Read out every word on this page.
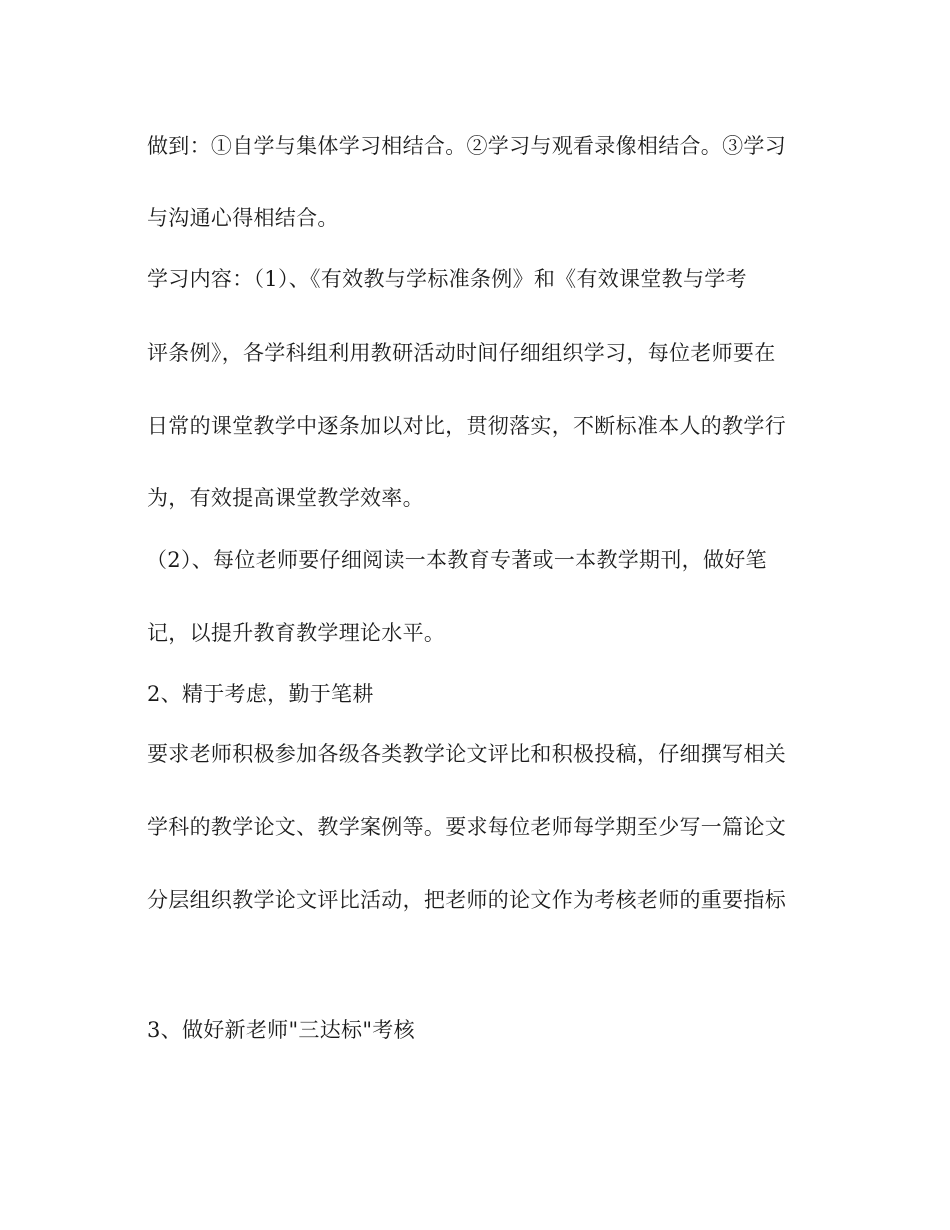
做到：①自学与集体学习相结合。②学习与观看录像相结合。③学习
与沟通心得相结合。
学习内容：（1）、《有效教与学标准条例》和《有效课堂教与学考
评条例》，各学科组利用教研活动时间仔细组织学习，每位老师要在
日常的课堂教学中逐条加以对比，贯彻落实，不断标准本人的教学行
为，有效提高课堂教学效率。
（2）、每位老师要仔细阅读一本教育专著或一本教学期刊，做好笔
记，以提升教育教学理论水平。
2、精于考虑，勤于笔耕
要求老师积极参加各级各类教学论文评比和积极投稿，仔细撰写相关
学科的教学论文、教学案例等。要求每位老师每学期至少写一篇论文
分层组织教学论文评比活动，把老师的论文作为考核老师的重要指标
3、做好新老师"三达标"考核
